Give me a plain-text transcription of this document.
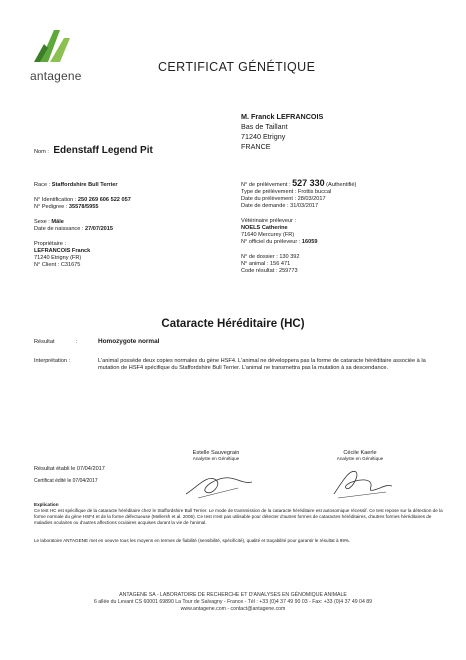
antagene
CERTIFICAT GÉNÉTIQUE
M. Franck LEFRANCOIS
Bas de Taillant
71240 Etrigny
FRANCE
Nom : Edenstaff Legend Pit
Race : Staffordshire Bull Terrier
N° Identification : 250 269 606 522 057
N° Pedigree : 35578/5955
Sexe : Mâle
Date de naissance : 27/07/2015
Propriétaire :
LEFRANCOIS Franck
71240 Etrigny (FR)
N° Client : C31675
N° de prélèvement : 527 330 (Authentifié)
Type de prélèvement : Frottis buccal
Date du prélèvement : 28/03/2017
Date de demande : 31/03/2017
Vétérinaire préleveur :
NOELS Catherine
71640 Mercurey (FR)
N° officiel du préleveur : 16059
N° de dossier : 130 392
N° animal : 156 471
Code résultat : 259773
Cataracte Héréditaire (HC)
Résultat	:	Homozygote normal
Interprétation :	L'animal possède deux copies normales du gène HSF4. L'animal ne développera pas la forme de cataracte héréditaire associée à la mutation de HSF4 spécifique du Staffordshire Bull Terrier. L'animal ne transmettra pas la mutation à sa descendance.
Estelle Sauvegrain
Analyste en Génétique
Cécile Kaerle
Analyste en Génétique
Résultat établi le 07/04/2017
Certificat édité le 07/04/2017
Explication
Ce test HC est spécifique de la cataracte héréditaire chez le Staffordshire Bull Terrier. Le mode de transmission de la cataracte héréditaire est autosomique récessif. Ce test repose sur la détection de la forme normale du gène HSF4 et de la forme défectueuse (Mellersh et al. 2006). Ce test n'est pas utilisable pour détecter d'autres formes de cataractes héréditaires, d'autres formes héréditaires de maladies oculaires ou d'autres affections oculaires acquises durant la vie de l'animal.
Le laboratoire ANTAGENE met en oeuvre tous les moyens en termes de fiabilité (sensibilité, spécificité), qualité et traçabilité pour garantir le résultat à 99%.
ANTAGENE SA - LABORATOIRE DE RECHERCHE ET D'ANALYSES EN GÉNOMIQUE ANIMALE
6 allée du Levant CS 60001 69890 La Tour de Salvagny - France - Tél : +33 (0)4 37 49 90 03 - Fax: +33 (0)4 37 49 04 89
www.antagene.com - contact@antagene.com
